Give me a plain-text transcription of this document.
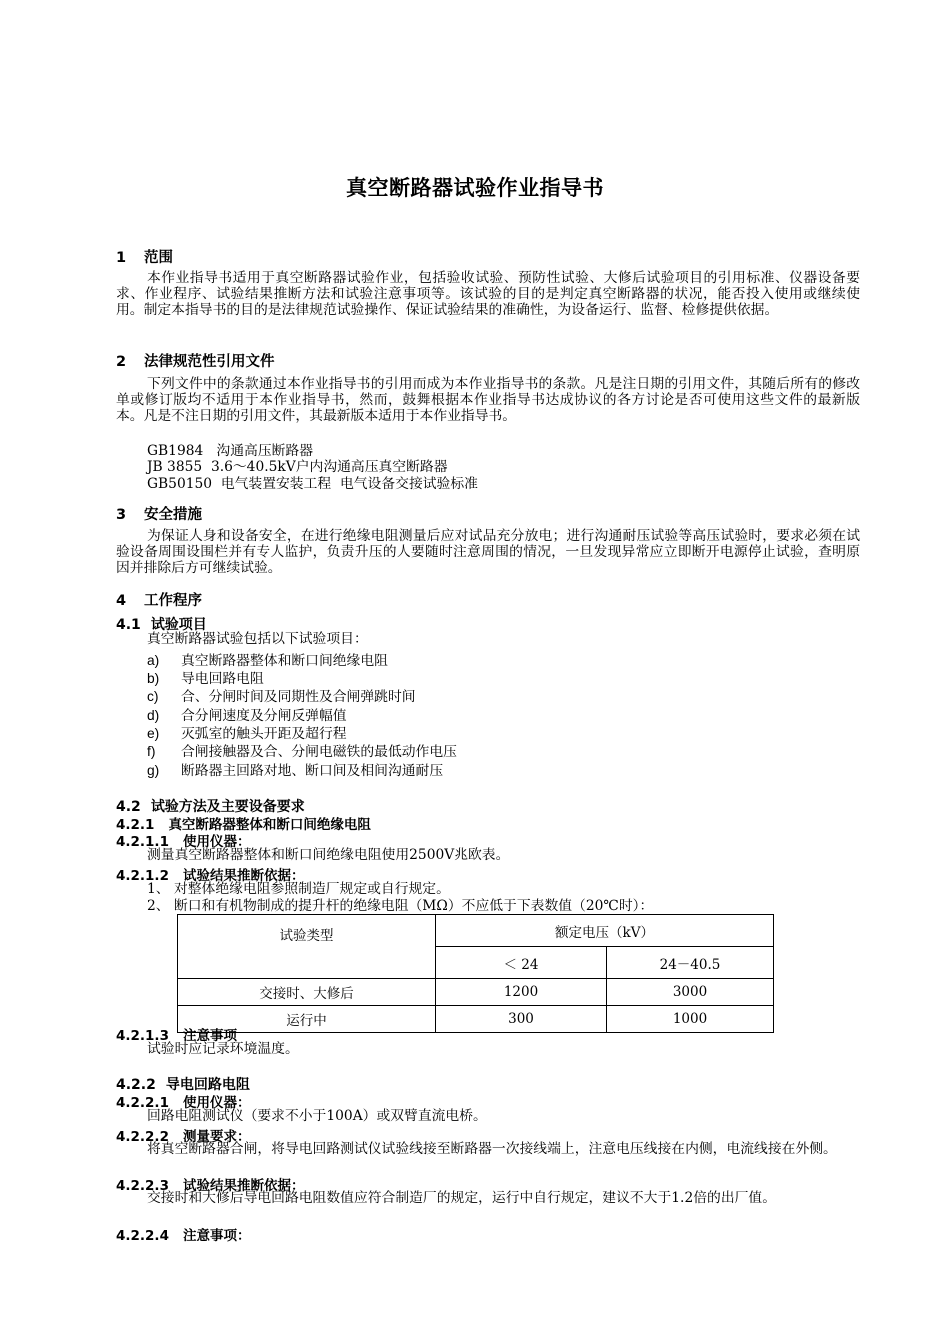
真空断路器试验作业指导书
1 范围
本作业指导书适用于真空断路器试验作业，包括验收试验、预防性试验、大修后试验项目的引用标准、仪器设备要求、作业程序、试验结果推断方法和试验注意事项等。该试验的目的是判定真空断路器的状况，能否投入使用或继续使用。制定本指导书的目的是法律规范试验操作、保证试验结果的准确性，为设备运行、监督、检修提供依据。
2 法律规范性引用文件
下列文件中的条款通过本作业指导书的引用而成为本作业指导书的条款。凡是注日期的引用文件，其随后所有的修改单或修订版均不适用于本作业指导书，然而，鼓舞根据本作业指导书达成协议的各方讨论是否可使用这些文件的最新版本。凡是不注日期的引用文件，其最新版本适用于本作业指导书。
GB1984   沟通高压断路器
JB 3855  3.6～40.5kV户内沟通高压真空断路器
GB50150  电气装置安装工程  电气设备交接试验标准
3 安全措施
为保证人身和设备安全，在进行绝缘电阻测量后应对试品充分放电；进行沟通耐压试验等高压试验时，要求必须在试验设备周围设围栏并有专人监护，负责升压的人要随时注意周围的情况，一旦发现异常应立即断开电源停止试验，查明原因并排除后方可继续试验。
4 工作程序
4.1 试验项目
真空断路器试验包括以下试验项目：
a) 真空断路器整体和断口间绝缘电阻
b) 导电回路电阻
c) 合、分闸时间及同期性及合闸弹跳时间
d) 合分闸速度及分闸反弹幅值
e) 灭弧室的触头开距及超行程
f) 合闸接触器及合、分闸电磁铁的最低动作电压
g) 断路器主回路对地、断口间及相间沟通耐压
4.2 试验方法及主要设备要求
4.2.1 真空断路器整体和断口间绝缘电阻
4.2.1.1 使用仪器：
测量真空断路器整体和断口间绝缘电阻使用2500V兆欧表。
4.2.1.2 试验结果推断依据：
1、 对整体绝缘电阻参照制造厂规定或自行规定。
2、 断口和有机物制成的提升杆的绝缘电阻（MΩ）不应低于下表数值（20℃时）：
试验类型	额定电压（kV）	
	＜ 24	24－40.5
交接时、大修后	1200	3000
运行中	300	1000
4.2.1.3 注意事项
试验时应记录环境温度。
4.2.2 导电回路电阻
4.2.2.1 使用仪器：
回路电阻测试仪（要求不小于100A）或双臂直流电桥。
4.2.2.2 测量要求：
将真空断路器合闸，将导电回路测试仪试验线接至断路器一次接线端上，注意电压线接在内侧，电流线接在外侧。
4.2.2.3 试验结果推断依据：
交接时和大修后导电回路电阻数值应符合制造厂的规定，运行中自行规定，建议不大于1.2倍的出厂值。
4.2.2.4 注意事项：
